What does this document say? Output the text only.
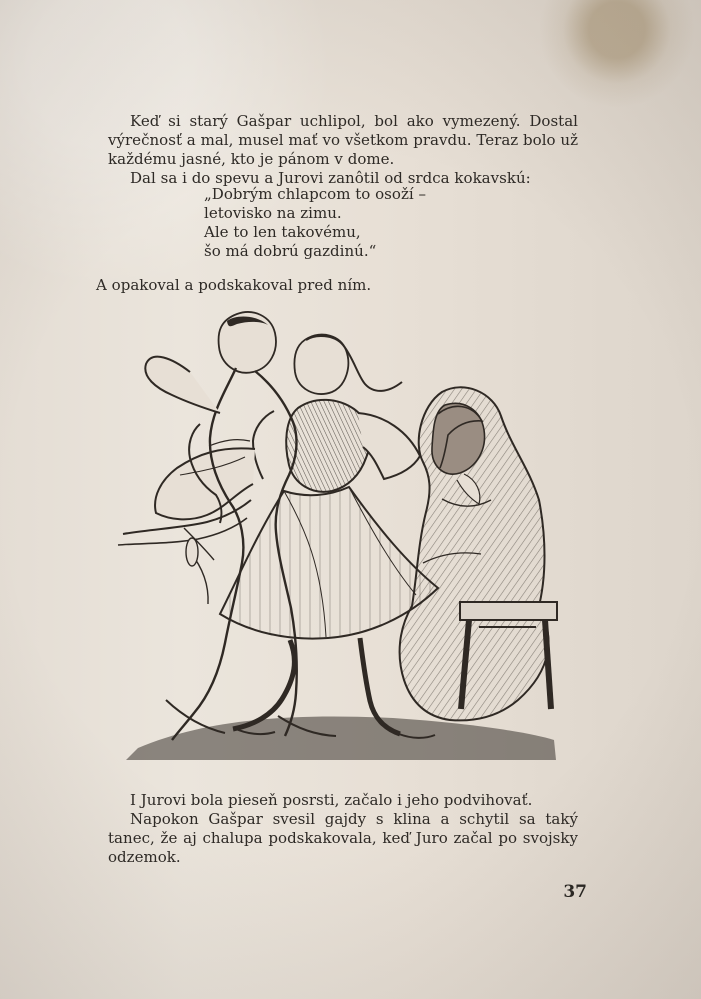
Keď si starý Gašpar uchlipol, bol ako vymezený. Dostal výrečnosť a mal, musel mať vo všetkom pravdu. Teraz bolo už každému jasné, kto je pánom v dome.

Dal sa i do spevu a Jurovi zanôtil od srdca kokavskú:

„Dobrým chlapcom to osoží –
letovisko na zimu.
Ale to len takovému,
šo má dobrú gazdinú.“
A opakoval a podskakoval pred ním.

I Jurovi bola pieseň posrsti, začalo i jeho podvihovať.

Napokon Gašpar svesil gajdy s klina a schytil sa taký tanec, že aj chalupa podskakovala, keď Juro začal po svojsky odzemok.

37
